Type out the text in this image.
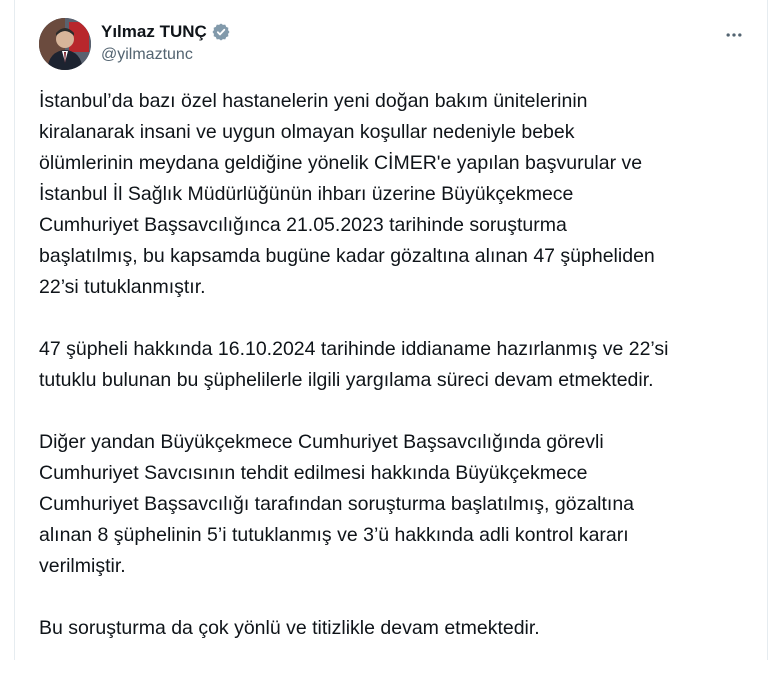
Yılmaz TUNÇ
@yilmaztunc

İstanbul’da bazı özel hastanelerin yeni doğan bakım ünitelerinin
kiralanarak insani ve uygun olmayan koşullar nedeniyle bebek
ölümlerinin meydana geldiğine yönelik CİMER'e yapılan başvurular ve
İstanbul İl Sağlık Müdürlüğünün ihbarı üzerine Büyükçekmece
Cumhuriyet Başsavcılığınca 21.05.2023 tarihinde soruşturma
başlatılmış, bu kapsamda bugüne kadar gözaltına alınan 47 şüpheliden
22’si tutuklanmıştır.

47 şüpheli hakkında 16.10.2024 tarihinde iddianame hazırlanmış ve 22’si
tutuklu bulunan bu şüphelilerle ilgili yargılama süreci devam etmektedir.

Diğer yandan Büyükçekmece Cumhuriyet Başsavcılığında görevli
Cumhuriyet Savcısının tehdit edilmesi hakkında Büyükçekmece
Cumhuriyet Başsavcılığı tarafından soruşturma başlatılmış, gözaltına
alınan 8 şüphelinin 5’i tutuklanmış ve 3’ü hakkında adli kontrol kararı
verilmiştir.

Bu soruşturma da çok yönlü ve titizlikle devam etmektedir.
